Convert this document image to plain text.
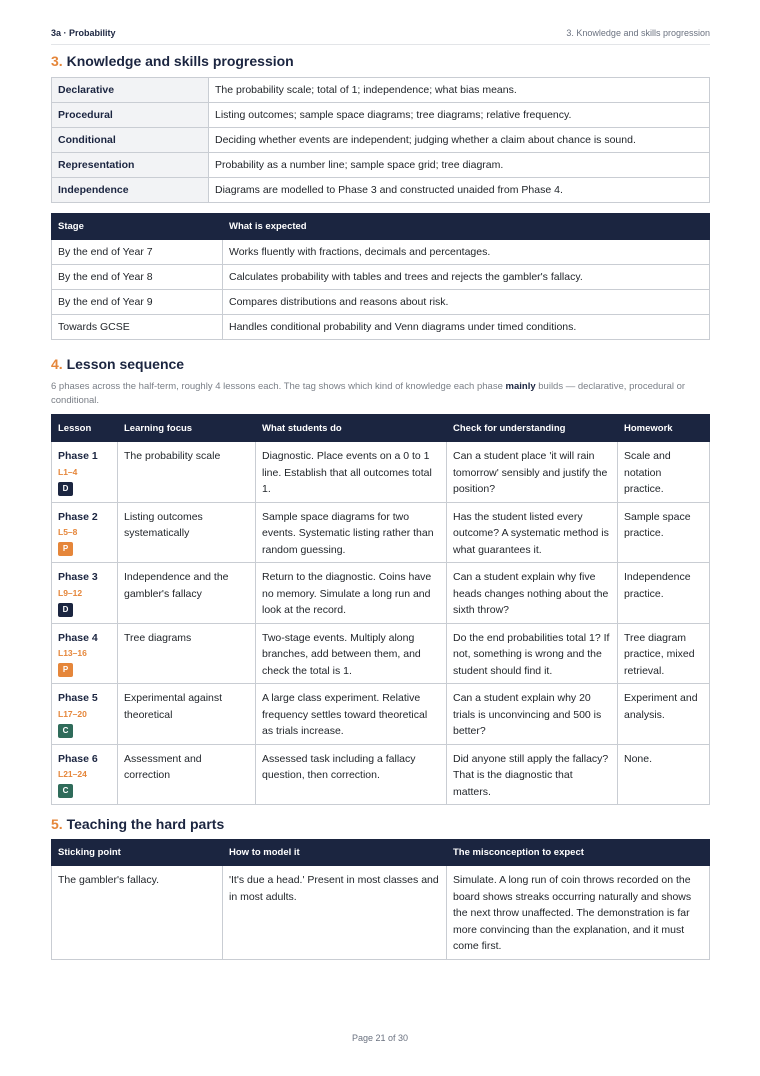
3a · Probability	3. Knowledge and skills progression
3. Knowledge and skills progression
Declarative	The probability scale; total of 1; independence; what bias means.
Procedural	Listing outcomes; sample space diagrams; tree diagrams; relative frequency.
Conditional	Deciding whether events are independent; judging whether a claim about chance is sound.
Representation	Probability as a number line; sample space grid; tree diagram.
Independence	Diagrams are modelled to Phase 3 and constructed unaided from Phase 4.
Stage	What is expected
By the end of Year 7	Works fluently with fractions, decimals and percentages.
By the end of Year 8	Calculates probability with tables and trees and rejects the gambler's fallacy.
By the end of Year 9	Compares distributions and reasons about risk.
Towards GCSE	Handles conditional probability and Venn diagrams under timed conditions.
4. Lesson sequence

6 phases across the half-term, roughly 4 lessons each. The tag shows which kind of knowledge each phase mainly builds — declarative, procedural or conditional.

Lesson	Learning focus	What students do	Check for understanding	Homework

Phase 1
L1–4
D	The probability scale	Diagnostic. Place events on a 0 to 1 line. Establish that all outcomes total 1.	Can a student place 'it will rain tomorrow' sensibly and justify the position?	Scale and notation practice.

Phase 2
L5–8
P	Listing outcomes systematically	Sample space diagrams for two events. Systematic listing rather than random guessing.	Has the student listed every outcome? A systematic method is what guarantees it.	Sample space practice.

Phase 3
L9–12
D	Independence and the gambler's fallacy	Return to the diagnostic. Coins have no memory. Simulate a long run and look at the record.	Can a student explain why five heads changes nothing about the sixth throw?	Independence practice.

Phase 4
L13–16
P	Tree diagrams	Two-stage events. Multiply along branches, add between them, and check the total is 1.	Do the end probabilities total 1? If not, something is wrong and the student should find it.	Tree diagram practice, mixed retrieval.

Phase 5
L17–20
C	Experimental against theoretical	A large class experiment. Relative frequency settles toward theoretical as trials increase.	Can a student explain why 20 trials is unconvincing and 500 is better?	Experiment and analysis.

Phase 6
L21–24
C	Assessment and correction	Assessed task including a fallacy question, then correction.	Did anyone still apply the fallacy? That is the diagnostic that matters.	None.
5. Teaching the hard parts
Sticking point	How to model it	The misconception to expect
The gambler's fallacy.	'It's due a head.' Present in most classes and in most adults.	Simulate. A long run of coin throws recorded on the board shows streaks occurring naturally and shows the next throw unaffected. The demonstration is far more convincing than the explanation, and it must come first.
Page 21 of 30
